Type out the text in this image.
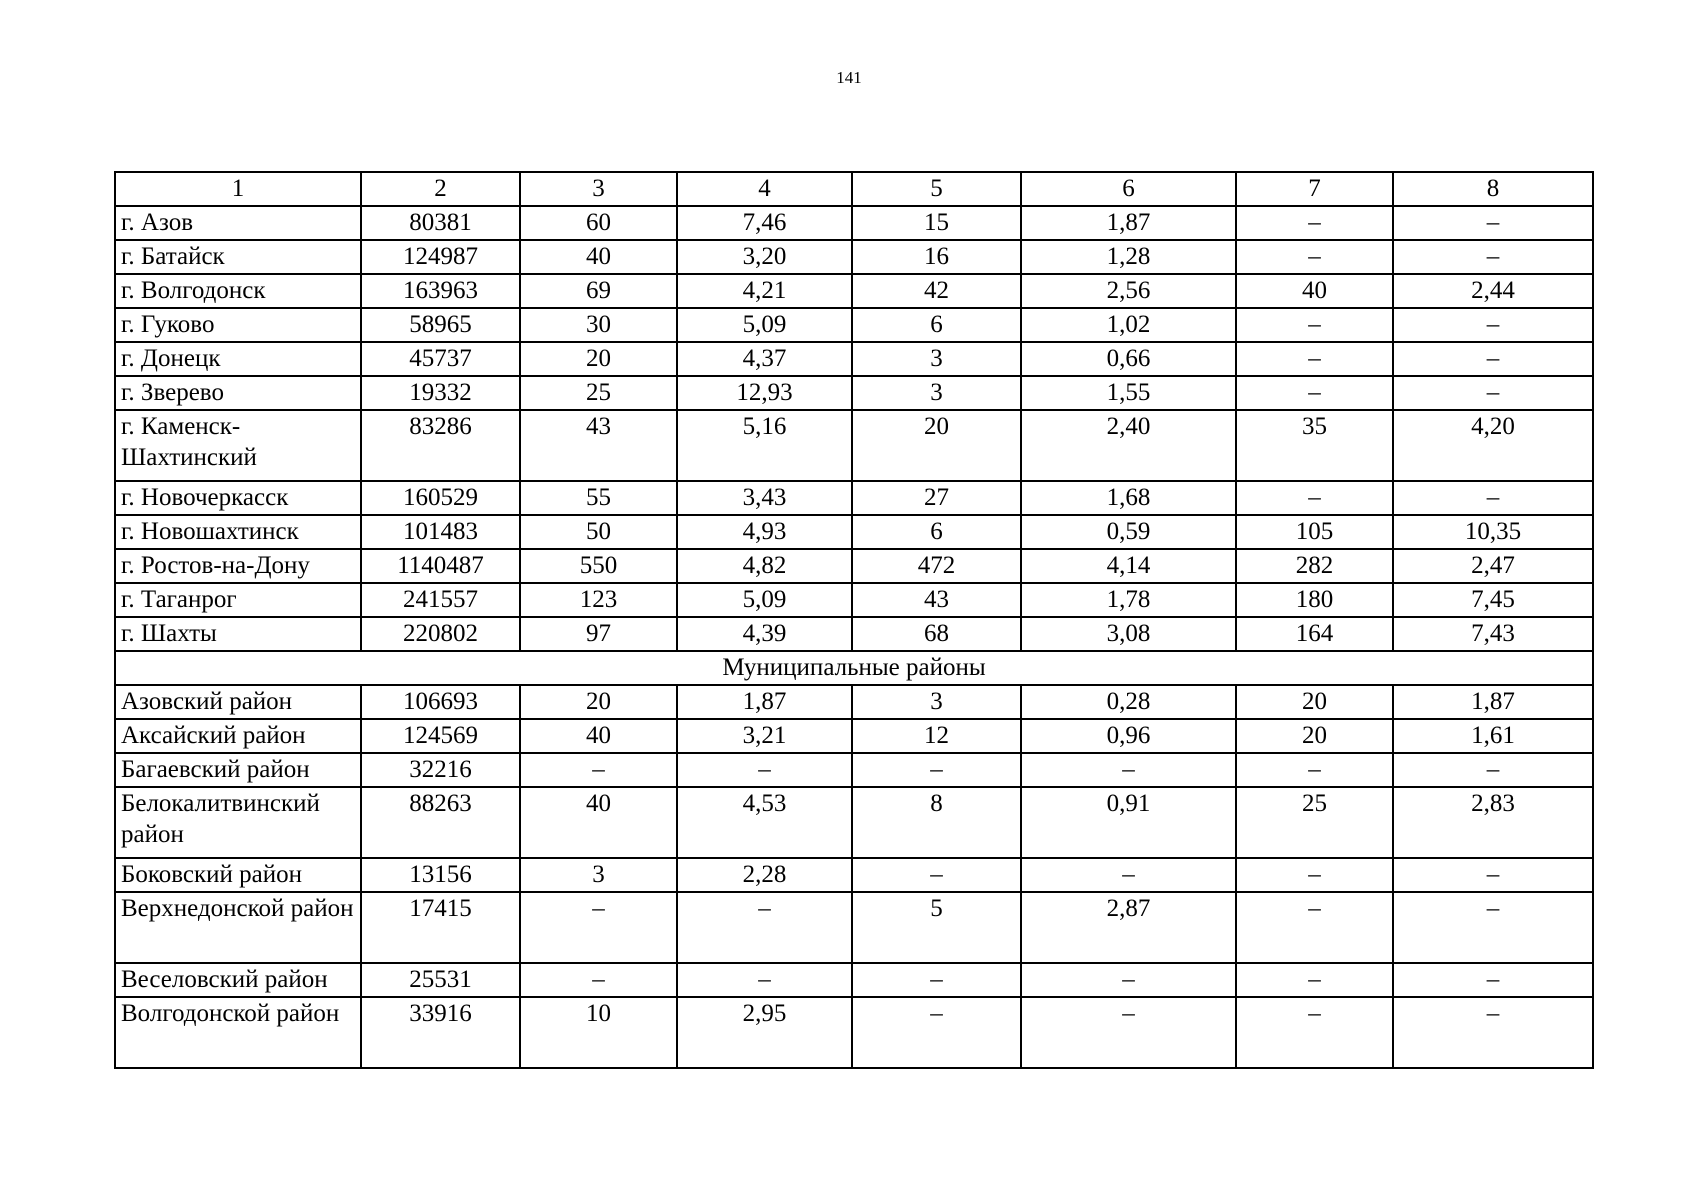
141
1	2	3	4	5	6	7	8
г. Азов	80381	60	7,46	15	1,87	–	–
г. Батайск	124987	40	3,20	16	1,28	–	–
г. Волгодонск	163963	69	4,21	42	2,56	40	2,44
г. Гуково	58965	30	5,09	6	1,02	–	–
г. Донецк	45737	20	4,37	3	0,66	–	–
г. Зверево	19332	25	12,93	3	1,55	–	–
г. Каменск-Шахтинский	83286	43	5,16	20	2,40	35	4,20
г. Новочеркасск	160529	55	3,43	27	1,68	–	–
г. Новошахтинск	101483	50	4,93	6	0,59	105	10,35
г. Ростов-на-Дону	1140487	550	4,82	472	4,14	282	2,47
г. Таганрог	241557	123	5,09	43	1,78	180	7,45
г. Шахты	220802	97	4,39	68	3,08	164	7,43
Муниципальные районы							
Азовский район	106693	20	1,87	3	0,28	20	1,87
Аксайский район	124569	40	3,21	12	0,96	20	1,61
Багаевский район	32216	–	–	–	–	–	–
Белокалитвинский район	88263	40	4,53	8	0,91	25	2,83
Боковский район	13156	3	2,28	–	–	–	–
Верхнедонской район	17415	–	–	5	2,87	–	–
Веселовский район	25531	–	–	–	–	–	–
Волгодонской район	33916	10	2,95	–	–	–	–
